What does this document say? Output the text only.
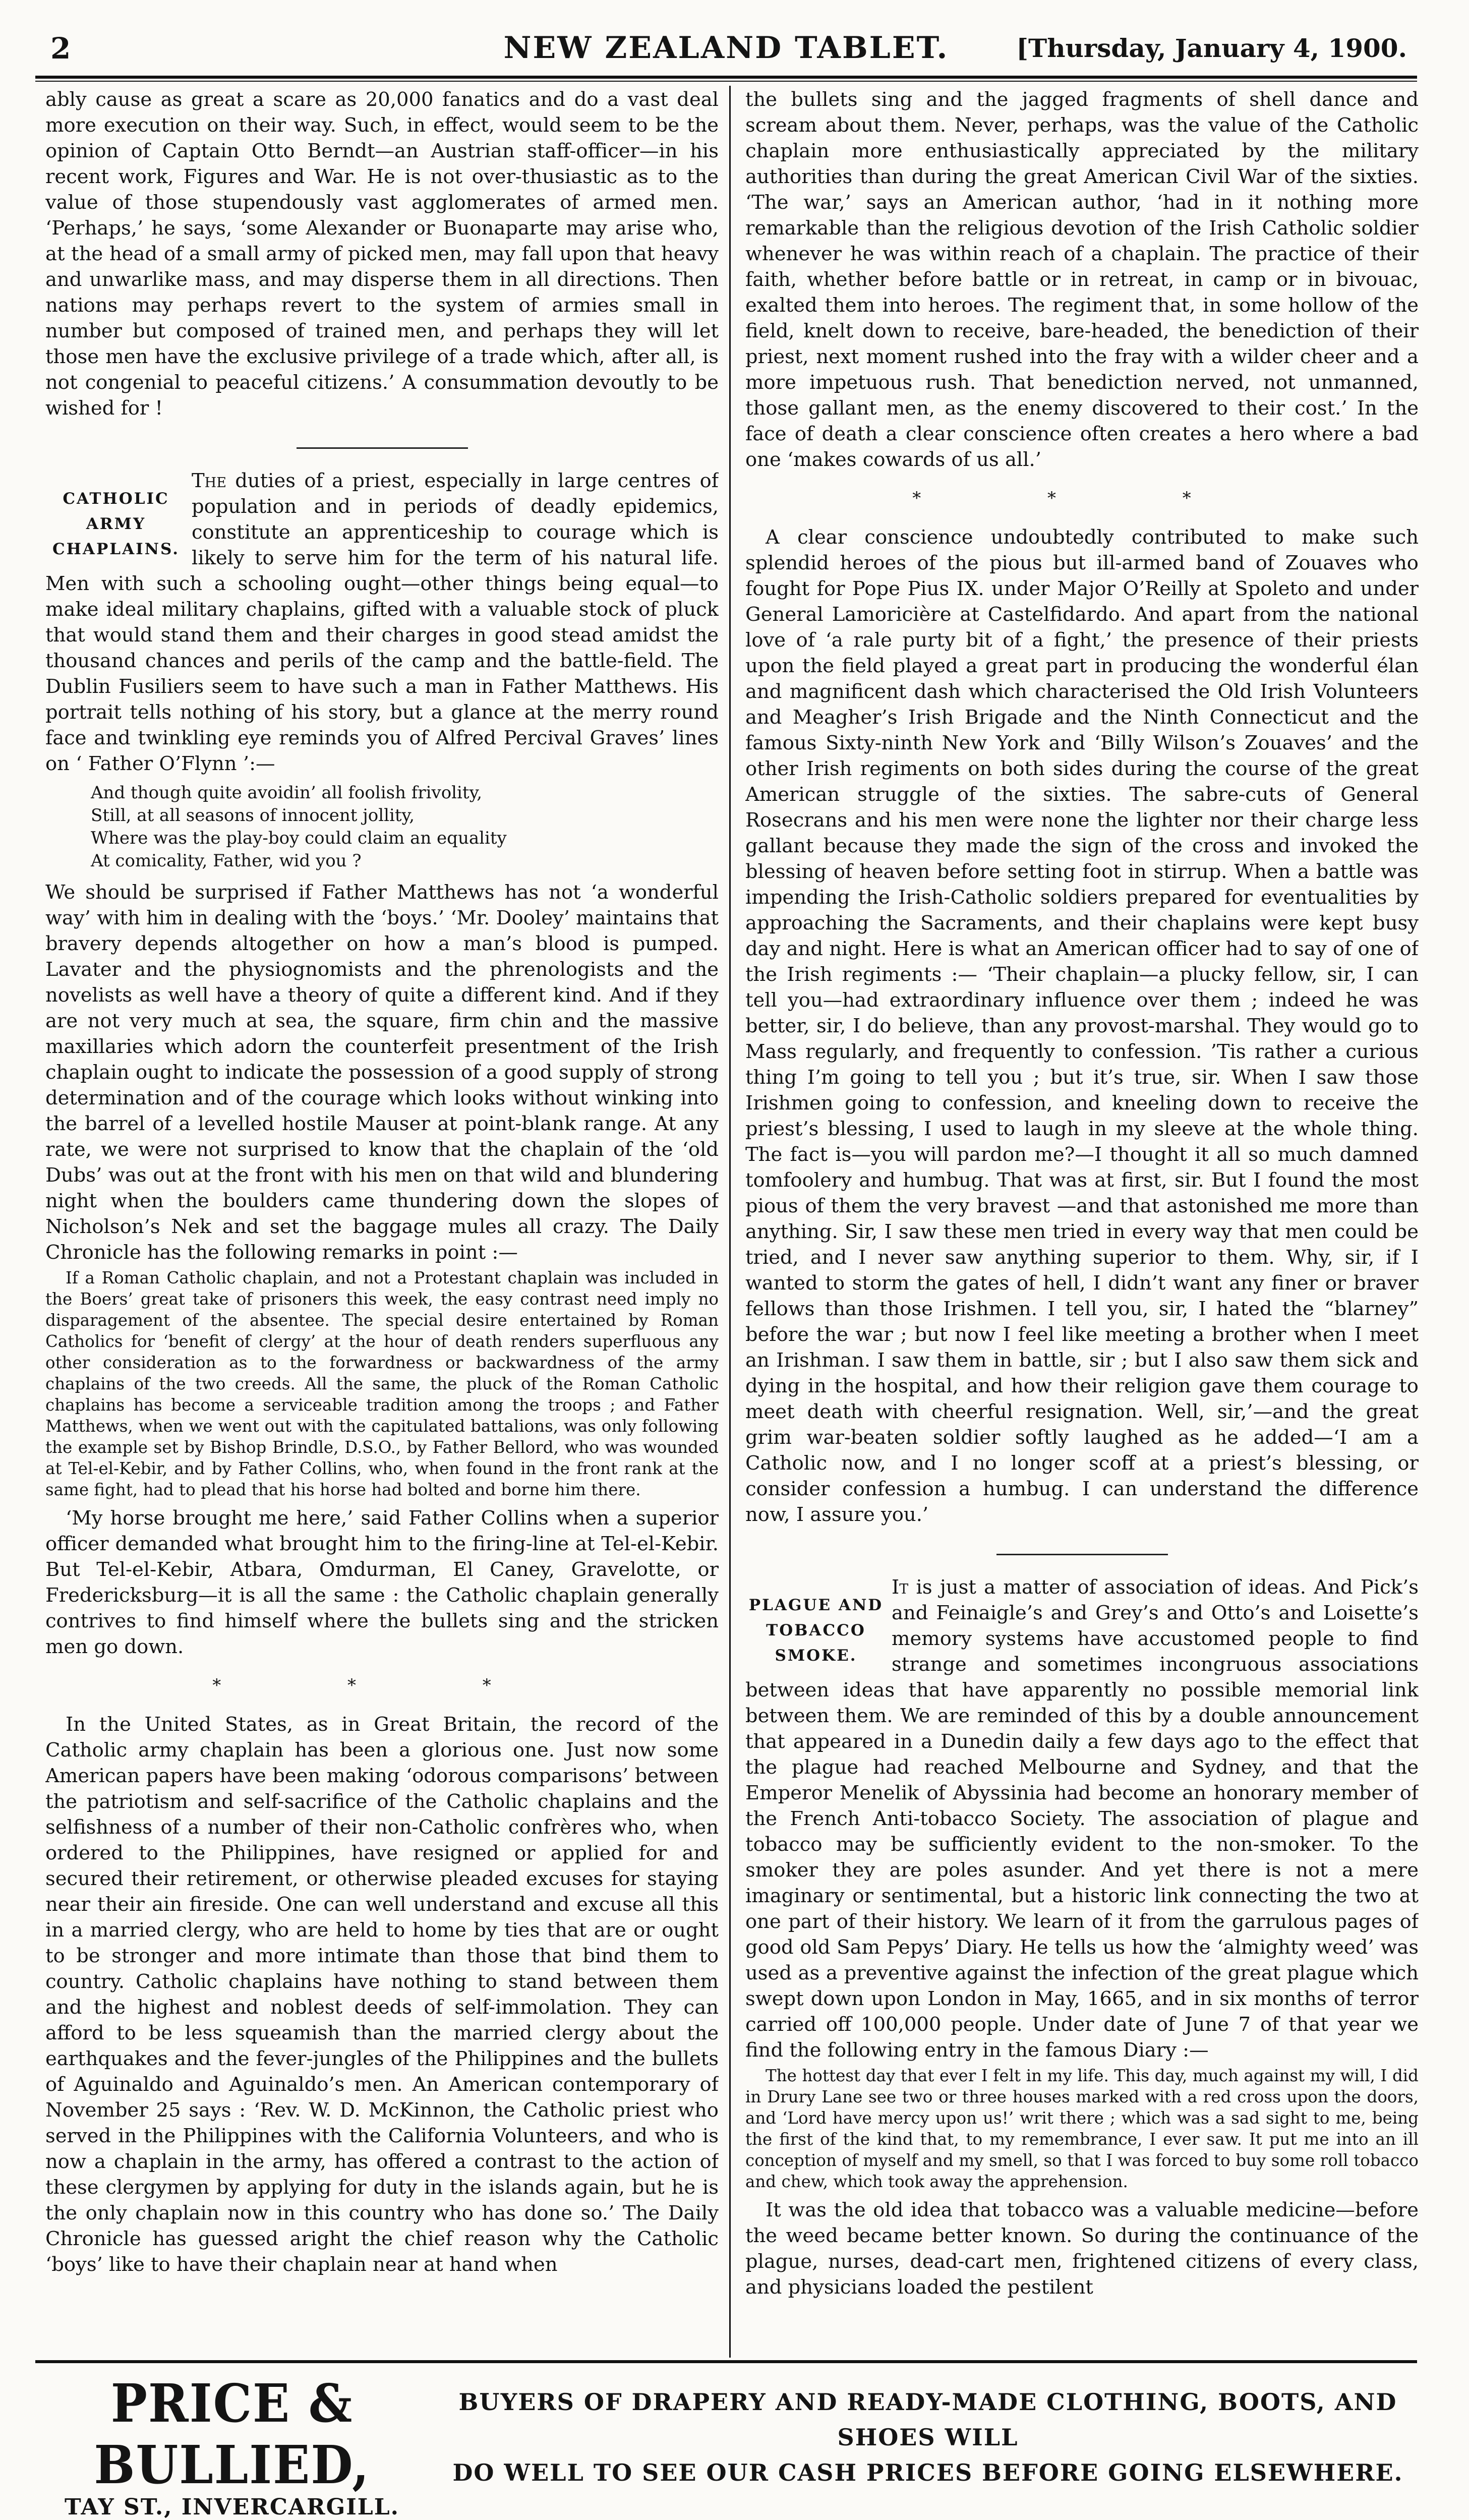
2	NEW ZEALAND TABLET.	[Thursday, January 4, 1900.

ably cause as great a scare as 20,000 fanatics and do a vast deal more execution on their way. Such, in effect, would seem to be the opinion of Captain Otto Berndt—an Austrian staff-officer—in his recent work, Figures and War. He is not over-thusiastic as to the value of those stupendously vast agglomerates of armed men. ‘Perhaps,’ he says, ‘some Alexander or Buonaparte may arise who, at the head of a small army of picked men, may fall upon that heavy and unwarlike mass, and may disperse them in all directions. Then nations may perhaps revert to the system of armies small in number but composed of trained men, and perhaps they will let those men have the exclusive privilege of a trade which, after all, is not congenial to peaceful citizens.’ A consummation devoutly to be wished for !

CATHOLIC
ARMY
CHAPLAINS.

The duties of a priest, especially in large centres of population and in periods of deadly epidemics, constitute an apprenticeship to courage which is likely to serve him for the term of his natural life. Men with such a schooling ought—other things being equal—to make ideal military chaplains, gifted with a valuable stock of pluck that would stand them and their charges in good stead amidst the thousand chances and perils of the camp and the battle-field. The Dublin Fusiliers seem to have such a man in Father Matthews. His portrait tells nothing of his story, but a glance at the merry round face and twinkling eye reminds you of Alfred Percival Graves’ lines on ‘ Father O’Flynn ’:—

And though quite avoidin’ all foolish frivolity,
Still, at all seasons of innocent jollity,
Where was the play-boy could claim an equality
At comicality, Father, wid you ?

We should be surprised if Father Matthews has not ‘a wonderful way’ with him in dealing with the ‘boys.’ ‘Mr. Dooley’ maintains that bravery depends altogether on how a man’s blood is pumped. Lavater and the physiognomists and the phrenologists and the novelists as well have a theory of quite a different kind. And if they are not very much at sea, the square, firm chin and the massive maxillaries which adorn the counterfeit presentment of the Irish chaplain ought to indicate the possession of a good supply of strong determination and of the courage which looks without winking into the barrel of a levelled hostile Mauser at point-blank range. At any rate, we were not surprised to know that the chaplain of the ‘old Dubs’ was out at the front with his men on that wild and blundering night when the boulders came thundering down the slopes of Nicholson’s Nek and set the baggage mules all crazy. The Daily Chronicle has the following remarks in point :—

If a Roman Catholic chaplain, and not a Protestant chaplain was included in the Boers’ great take of prisoners this week, the easy contrast need imply no disparagement of the absentee. The special desire entertained by Roman Catholics for ‘benefit of clergy’ at the hour of death renders superfluous any other consideration as to the forwardness or backwardness of the army chaplains of the two creeds. All the same, the pluck of the Roman Catholic chaplains has become a serviceable tradition among the troops ; and Father Matthews, when we went out with the capitulated battalions, was only following the example set by Bishop Brindle, D.S.O., by Father Bellord, who was wounded at Tel-el-Kebir, and by Father Collins, who, when found in the front rank at the same fight, had to plead that his horse had bolted and borne him there.

‘My horse brought me here,’ said Father Collins when a superior officer demanded what brought him to the firing-line at Tel-el-Kebir. But Tel-el-Kebir, Atbara, Omdurman, El Caney, Gravelotte, or Fredericksburg—it is all the same : the Catholic chaplain generally contrives to find himself where the bullets sing and the stricken men go down.

* * *

In the United States, as in Great Britain, the record of the Catholic army chaplain has been a glorious one. Just now some American papers have been making ‘odorous comparisons’ between the patriotism and self-sacrifice of the Catholic chaplains and the selfishness of a number of their non-Catholic confrères who, when ordered to the Philippines, have resigned or applied for and secured their retirement, or otherwise pleaded excuses for staying near their ain fireside. One can well understand and excuse all this in a married clergy, who are held to home by ties that are or ought to be stronger and more intimate than those that bind them to country. Catholic chaplains have nothing to stand between them and the highest and noblest deeds of self-immolation. They can afford to be less squeamish than the married clergy about the earthquakes and the fever-jungles of the Philippines and the bullets of Aguinaldo and Aguinaldo’s men. An American contemporary of November 25 says : ‘Rev. W. D. McKinnon, the Catholic priest who served in the Philippines with the California Volunteers, and who is now a chaplain in the army, has offered a contrast to the action of these clergymen by applying for duty in the islands again, but he is the only chaplain now in this country who has done so.’ The Daily Chronicle has guessed aright the chief reason why the Catholic ‘boys’ like to have their chaplain near at hand when

the bullets sing and the jagged fragments of shell dance and scream about them. Never, perhaps, was the value of the Catholic chaplain more enthusiastically appreciated by the military authorities than during the great American Civil War of the sixties. ‘The war,’ says an American author, ‘had in it nothing more remarkable than the religious devotion of the Irish Catholic soldier whenever he was within reach of a chaplain. The practice of their faith, whether before battle or in retreat, in camp or in bivouac, exalted them into heroes. The regiment that, in some hollow of the field, knelt down to receive, bare-headed, the benediction of their priest, next moment rushed into the fray with a wilder cheer and a more impetuous rush. That benediction nerved, not unmanned, those gallant men, as the enemy discovered to their cost.’ In the face of death a clear conscience often creates a hero where a bad one ‘makes cowards of us all.’

* * *

A clear conscience undoubtedly contributed to make such splendid heroes of the pious but ill-armed band of Zouaves who fought for Pope Pius IX. under Major O’Reilly at Spoleto and under General Lamoricière at Castelfidardo. And apart from the national love of ‘a rale purty bit of a fight,’ the presence of their priests upon the field played a great part in producing the wonderful élan and magnificent dash which characterised the Old Irish Volunteers and Meagher’s Irish Brigade and the Ninth Connecticut and the famous Sixty-ninth New York and ‘Billy Wilson’s Zouaves’ and the other Irish regiments on both sides during the course of the great American struggle of the sixties. The sabre-cuts of General Rosecrans and his men were none the lighter nor their charge less gallant because they made the sign of the cross and invoked the blessing of heaven before setting foot in stirrup. When a battle was impending the Irish-Catholic soldiers prepared for eventualities by approaching the Sacraments, and their chaplains were kept busy day and night. Here is what an American officer had to say of one of the Irish regiments :— ‘Their chaplain—a plucky fellow, sir, I can tell you—had extraordinary influence over them ; indeed he was better, sir, I do believe, than any provost-marshal. They would go to Mass regularly, and frequently to confession. ’Tis rather a curious thing I’m going to tell you ; but it’s true, sir. When I saw those Irishmen going to confession, and kneeling down to receive the priest’s blessing, I used to laugh in my sleeve at the whole thing. The fact is—you will pardon me?—I thought it all so much damned tomfoolery and humbug. That was at first, sir. But I found the most pious of them the very bravest —and that astonished me more than anything. Sir, I saw these men tried in every way that men could be tried, and I never saw anything superior to them. Why, sir, if I wanted to storm the gates of hell, I didn’t want any finer or braver fellows than those Irishmen. I tell you, sir, I hated the “blarney” before the war ; but now I feel like meeting a brother when I meet an Irishman. I saw them in battle, sir ; but I also saw them sick and dying in the hospital, and how their religion gave them courage to meet death with cheerful resignation. Well, sir,’—and the great grim war-beaten soldier softly laughed as he added—‘I am a Catholic now, and I no longer scoff at a priest’s blessing, or consider confession a humbug. I can understand the difference now, I assure you.’

PLAGUE AND
TOBACCO
SMOKE.

It is just a matter of association of ideas. And Pick’s and Feinaigle’s and Grey’s and Otto’s and Loisette’s memory systems have accustomed people to find strange and sometimes incongruous associations between ideas that have apparently no possible memorial link between them. We are reminded of this by a double announcement that appeared in a Dunedin daily a few days ago to the effect that the plague had reached Melbourne and Sydney, and that the Emperor Menelik of Abyssinia had become an honorary member of the French Anti-tobacco Society. The association of plague and tobacco may be sufficiently evident to the non-smoker. To the smoker they are poles asunder. And yet there is not a mere imaginary or sentimental, but a historic link connecting the two at one part of their history. We learn of it from the garrulous pages of good old Sam Pepys’ Diary. He tells us how the ‘almighty weed’ was used as a preventive against the infection of the great plague which swept down upon London in May, 1665, and in six months of terror carried off 100,000 people. Under date of June 7 of that year we find the following entry in the famous Diary :—

The hottest day that ever I felt in my life. This day, much against my will, I did in Drury Lane see two or three houses marked with a red cross upon the doors, and ‘Lord have mercy upon us!’ writ there ; which was a sad sight to me, being the first of the kind that, to my remembrance, I ever saw. It put me into an ill conception of myself and my smell, so that I was forced to buy some roll tobacco and chew, which took away the apprehension.

It was the old idea that tobacco was a valuable medicine—before the weed became better known. So during the continuance of the plague, nurses, dead-cart men, frightened citizens of every class, and physicians loaded the pestilent

PRICE & BULLIED,
TAY ST., INVERCARGILL.
BUYERS OF DRAPERY AND READY-MADE CLOTHING, BOOTS, AND SHOES WILL
DO WELL TO SEE OUR CASH PRICES BEFORE GOING ELSEWHERE.
